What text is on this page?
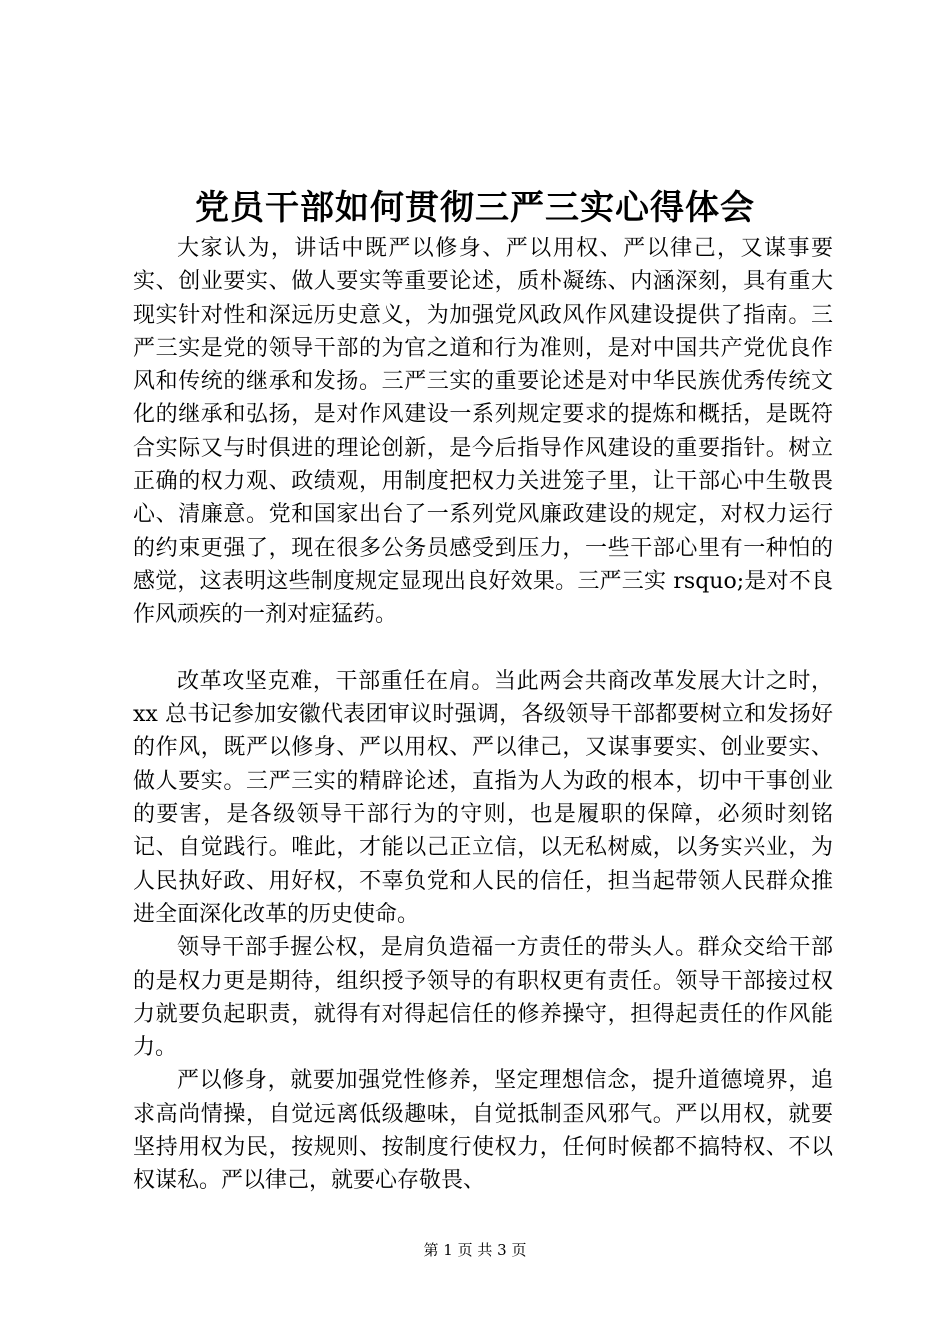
党员干部如何贯彻三严三实心得体会

大家认为，讲话中既严以修身、严以用权、严以律己，又谋事要实、创业要实、做人要实等重要论述，质朴凝练、内涵深刻，具有重大现实针对性和深远历史意义，为加强党风政风作风建设提供了指南。三严三实是党的领导干部的为官之道和行为准则，是对中国共产党优良作风和传统的继承和发扬。三严三实的重要论述是对中华民族优秀传统文化的继承和弘扬，是对作风建设一系列规定要求的提炼和概括，是既符合实际又与时俱进的理论创新，是今后指导作风建设的重要指针。树立正确的权力观、政绩观，用制度把权力关进笼子里，让干部心中生敬畏心、清廉意。党和国家出台了一系列党风廉政建设的规定，对权力运行的约束更强了，现在很多公务员感受到压力，一些干部心里有一种怕的感觉，这表明这些制度规定显现出良好效果。三严三实 rsquo;是对不良作风顽疾的一剂对症猛药。

改革攻坚克难，干部重任在肩。当此两会共商改革发展大计之时，xx 总书记参加安徽代表团审议时强调，各级领导干部都要树立和发扬好的作风，既严以修身、严以用权、严以律己，又谋事要实、创业要实、做人要实。三严三实的精辟论述，直指为人为政的根本，切中干事创业的要害，是各级领导干部行为的守则，也是履职的保障，必须时刻铭记、自觉践行。唯此，才能以己正立信，以无私树威，以务实兴业，为人民执好政、用好权，不辜负党和人民的信任，担当起带领人民群众推进全面深化改革的历史使命。

领导干部手握公权，是肩负造福一方责任的带头人。群众交给干部的是权力更是期待，组织授予领导的有职权更有责任。领导干部接过权力就要负起职责，就得有对得起信任的修养操守，担得起责任的作风能力。

严以修身，就要加强党性修养，坚定理想信念，提升道德境界，追求高尚情操，自觉远离低级趣味，自觉抵制歪风邪气。严以用权，就要坚持用权为民，按规则、按制度行使权力，任何时候都不搞特权、不以权谋私。严以律己，就要心存敬畏、

第 1 页 共 3 页
